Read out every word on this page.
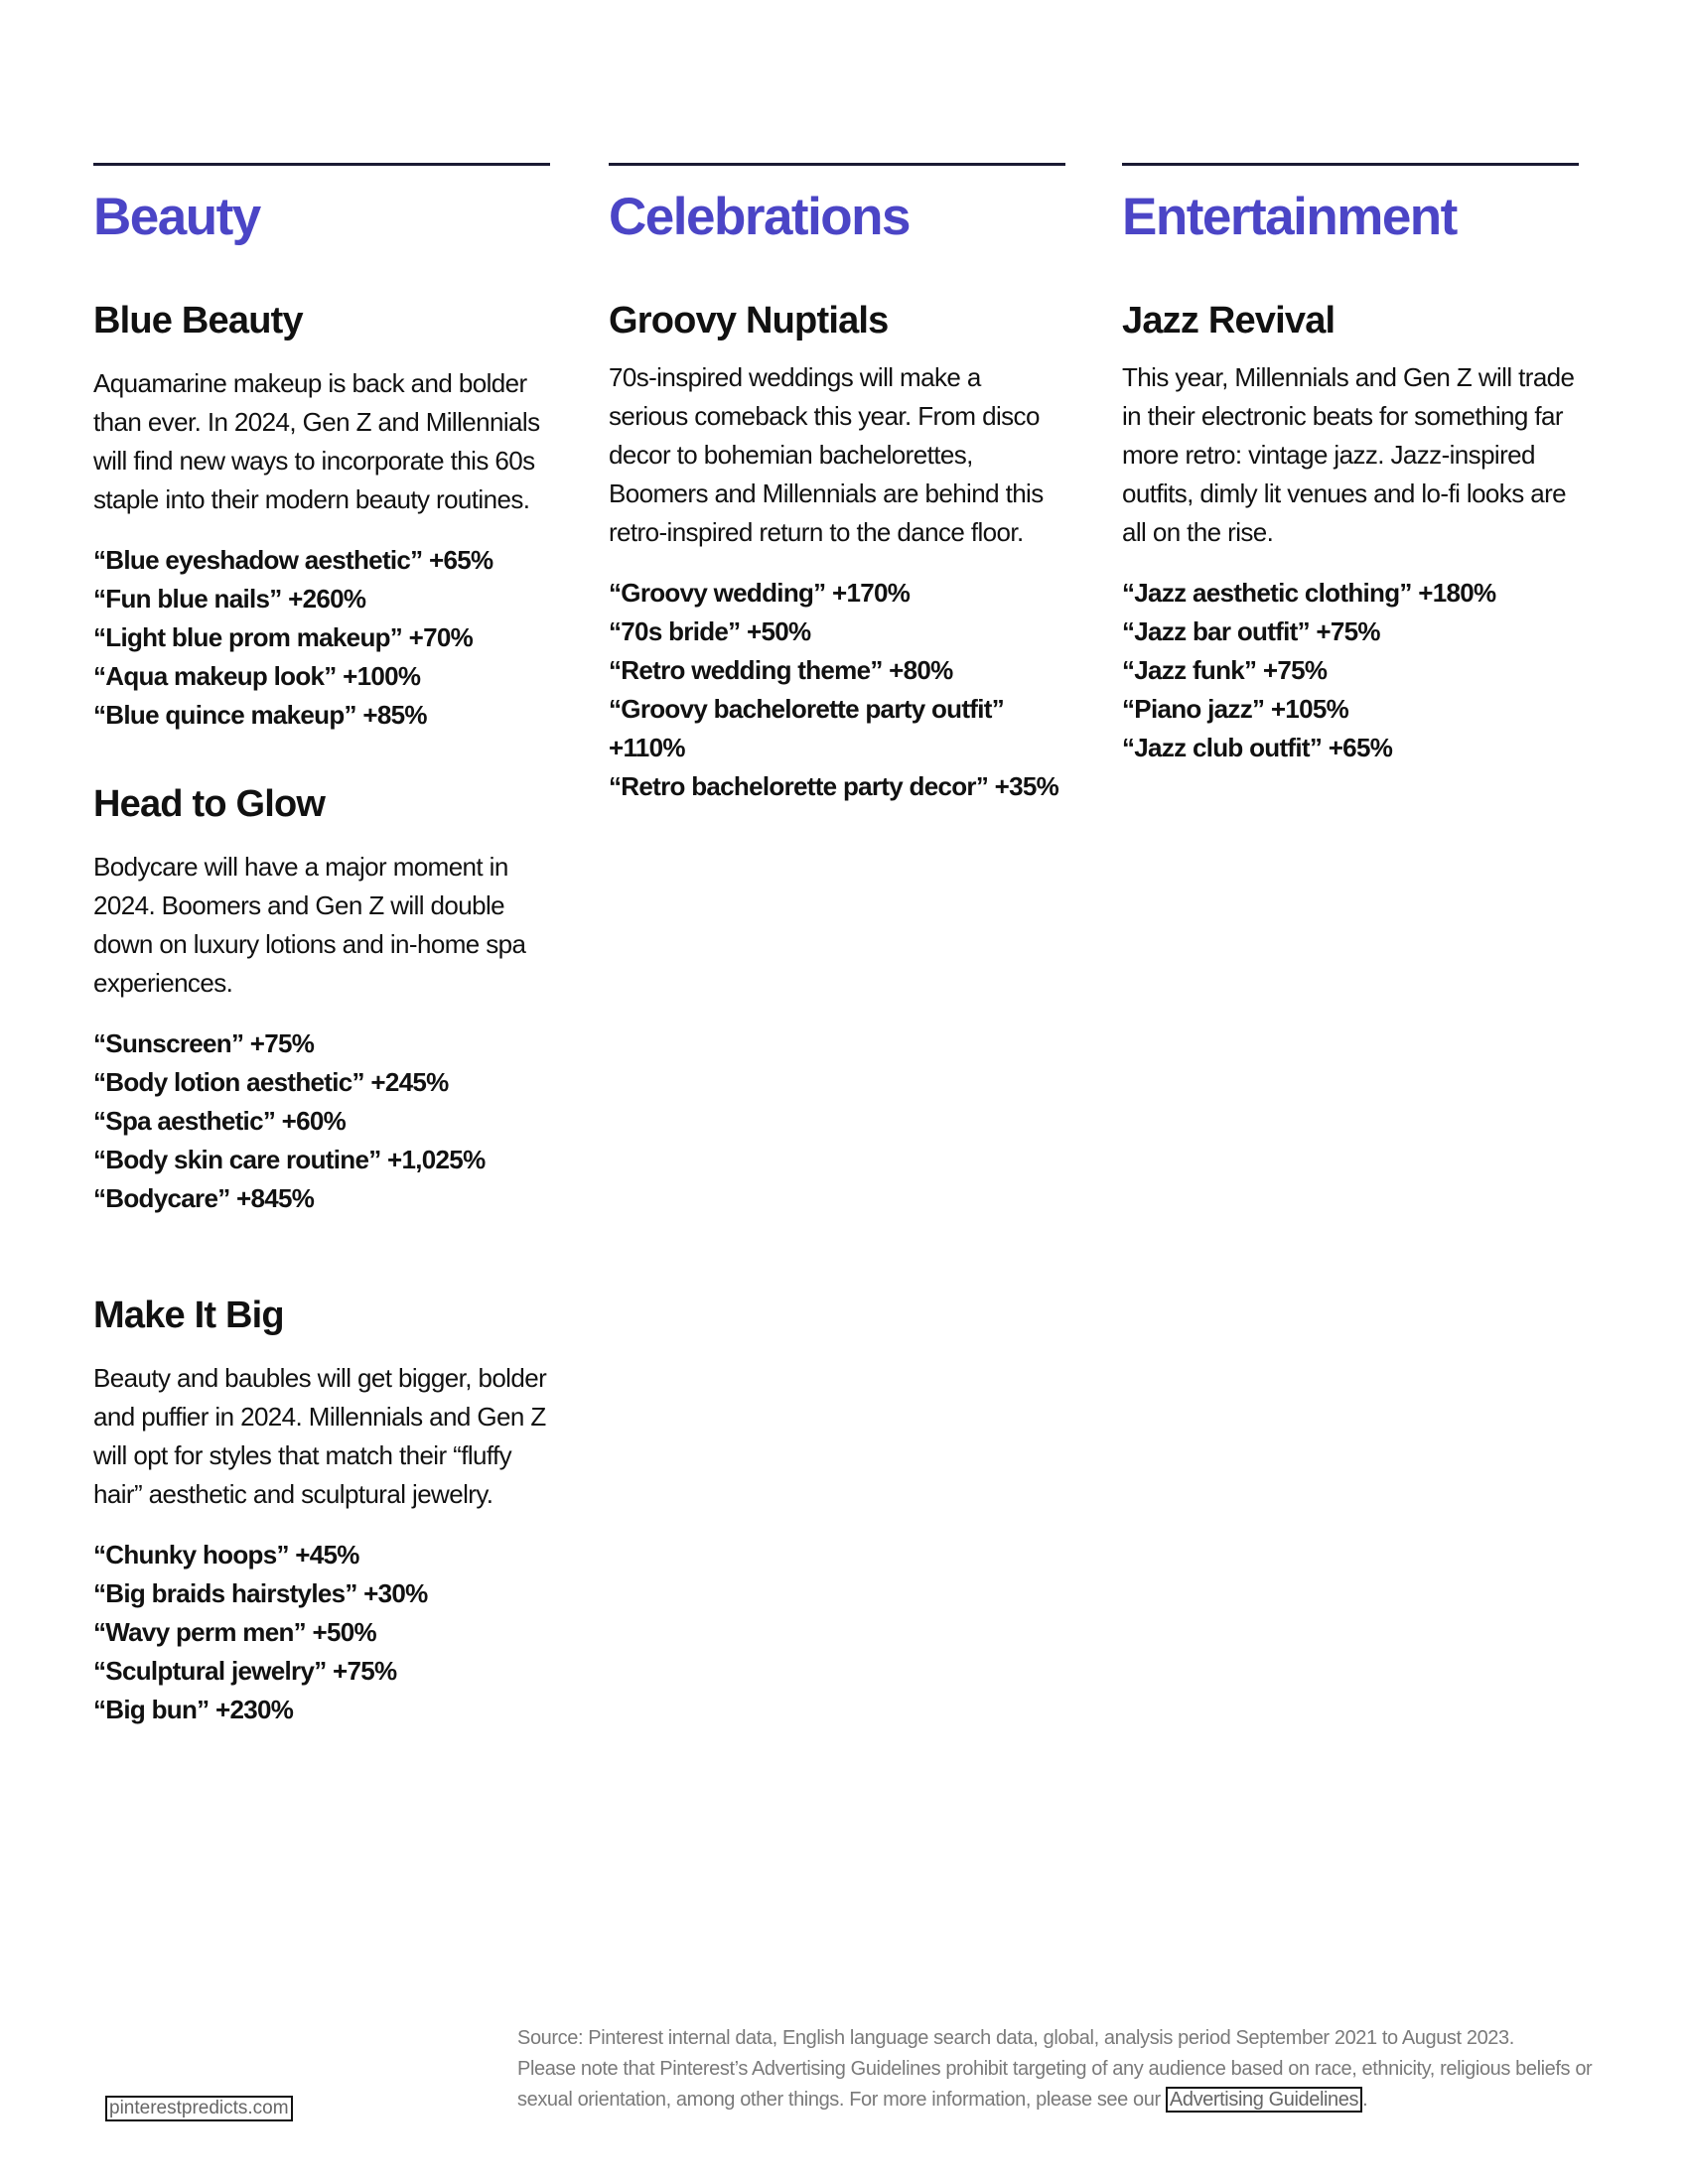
Beauty
Blue Beauty

Aquamarine makeup is back and bolder than ever. In 2024, Gen Z and Millennials will find new ways to incorporate this 60s staple into their modern beauty routines.

“Blue eyeshadow aesthetic” +65%
“Fun blue nails” +260%
“Light blue prom makeup” +70%
“Aqua makeup look” +100%
“Blue quince makeup” +85%
Head to Glow

Bodycare will have a major moment in 2024. Boomers and Gen Z will double down on luxury lotions and in-home spa experiences.

“Sunscreen” +75%
“Body lotion aesthetic” +245%
“Spa aesthetic” +60%
“Body skin care routine” +1,025%
“Bodycare” +845%
Make It Big

Beauty and baubles will get bigger, bolder and puffier in 2024. Millennials and Gen Z will opt for styles that match their “fluffy hair” aesthetic and sculptural jewelry.

“Chunky hoops” +45%
“Big braids hairstyles” +30%
“Wavy perm men” +50%
“Sculptural jewelry” +75%
“Big bun” +230%
Celebrations
Groovy Nuptials

70s-inspired weddings will make a serious comeback this year. From disco decor to bohemian bachelorettes, Boomers and Millennials are behind this retro-inspired return to the dance floor.

“Groovy wedding” +170%
“70s bride” +50%
“Retro wedding theme” +80%
“Groovy bachelorette party outfit” +110%
“Retro bachelorette party decor” +35%
Entertainment
Jazz Revival

This year, Millennials and Gen Z will trade in their electronic beats for something far more retro: vintage jazz. Jazz-inspired outfits, dimly lit venues and lo-fi looks are all on the rise.

“Jazz aesthetic clothing” +180%
“Jazz bar outfit” +75%
“Jazz funk” +75%
“Piano jazz” +105%
“Jazz club outfit” +65%
pinterestpredicts.com

Source: Pinterest internal data, English language search data, global, analysis period September 2021 to August 2023.

Please note that Pinterest’s Advertising Guidelines prohibit targeting of any audience based on race, ethnicity, religious beliefs or sexual orientation, among other things. For more information, please see our Advertising Guidelines .
